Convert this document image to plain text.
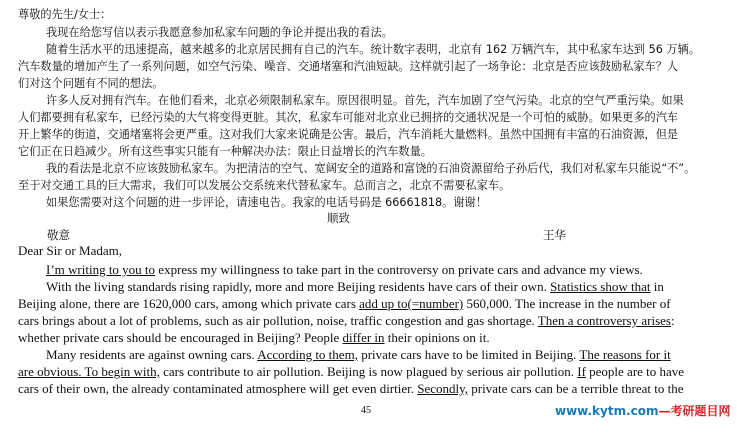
尊敬的先生/女士：
我现在给您写信以表示我愿意参加私家车问题的争论并提出我的看法。
随着生活水平的迅速提高，越来越多的北京居民拥有自己的汽车。统计数字表明，北京有 162 万辆汽车，其中私家车达到 56 万辆。
汽车数量的增加产生了一系列问题，如空气污染、噪音、交通堵塞和汽油短缺。这样就引起了一场争论：北京是否应该鼓励私家车？人
们对这个问题有不同的想法。
许多人反对拥有汽车。在他们看来，北京必须限制私家车。原因很明显。首先，汽车加剧了空气污染。北京的空气严重污染。如果
人们都要拥有私家车，已经污染的大气将变得更脏。其次，私家车可能对北京业已拥挤的交通状况是一个可怕的威胁。如果更多的汽车
开上繁华的街道，交通堵塞将会更严重。这对我们大家来说确是公害。最后，汽车消耗大量燃料。虽然中国拥有丰富的石油资源，但是
它们正在日趋减少。所有这些事实只能有一种解决办法：限止日益增长的汽车数量。
我的看法是北京不应该鼓励私家车。为把清洁的空气、宽阔安全的道路和富饶的石油资源留给子孙后代，我们对私家车只能说“不”。
至于对交通工具的巨大需求，我们可以发展公交系统来代替私家车。总而言之，北京不需要私家车。
如果您需要对这个问题的进一步评论，请速电告。我家的电话号码是 66661818。谢谢！
顺致
敬意	王华
Dear Sir or Madam,
I’m writing to you to express my willingness to take part in the controversy on private cars and advance my views.
With the living standards rising rapidly, more and more Beijing residents have cars of their own. Statistics show that in
Beijing alone, there are 1620,000 cars, among which private cars add up to(=number) 560,000. The increase in the number of
cars brings about a lot of problems, such as air pollution, noise, traffic congestion and gas shortage. Then a controversy arises:
whether private cars should be encouraged in Beijing? People differ in their opinions on it.
Many residents are against owning cars. According to them, private cars have to be limited in Beijing. The reasons for it
are obvious. To begin with, cars contribute to air pollution. Beijing is now plagued by serious air pollution. If people are to have
cars of their own, the already contaminated atmosphere will get even dirtier. Secondly, private cars can be a terrible threat to the
45	www.kytm.com—考研题目网
